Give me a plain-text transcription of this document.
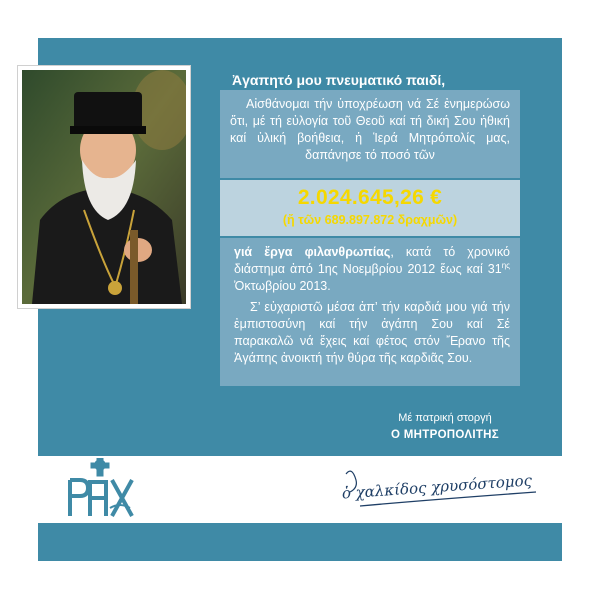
Ἀγαπητό μου πνευματικό παιδί,
Αἰσθάνομαι τήν ὑποχρέωση νά Σέ ἐνημερώσω ὅτι, μέ τή εὐλογία τοῦ Θεοῦ καί τή δική Σου ἠθική καί ὑλική βοήθεια, ἡ Ἱερά Μητρόπολίς μας, δαπάνησε τό ποσό τῶν
2.024.645,26 €
(ἤ τῶν 689.897.872 δραχμῶν)
γιά ἔργα φιλανθρωπίας, κατά τό χρονικό διάστημα ἀπό 1ης Νοεμβρίου 2012 ἕως καί $31^{\eta\varsigma}$ Ὀκτωβρίου 2013.
Σ’ εὐχαριστῶ μέσα ἀπ’ τήν καρδιά μου γιά τήν ἐμπιστοσύνη καί τήν ἀγάπη Σου καί Σέ παρακαλῶ νά ἔχεις καί φέτος στόν Ἔρανο τῆς Ἀγάπης ἀνοικτή τήν θύρα τῆς καρδιᾶς Σου.
Μέ πατρική στοργή
Ο ΜΗΤΡΟΠΟΛΙΤΗΣ
ὁ χαλκίδος χρυσόστομος
